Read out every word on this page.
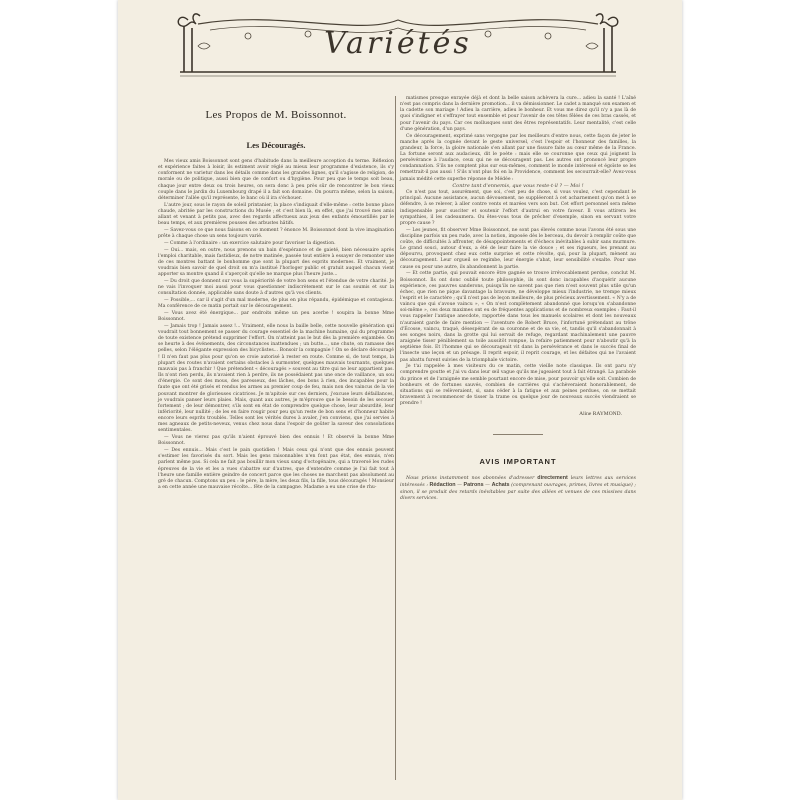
Variétés
Les Propos de M. Boissonnot.
Les Découragés.

Mes vieux amis Boissonnot sont gens d'habitude dans la meilleure acception du terme. Réflexion et expérience faites à loisir, ils estiment avoir réglé au mieux leur programme d'existence, ils s'y conforment ne varietur dans les détails comme dans les grandes lignes, qu'il s'agisse de religion, de morale ou de politique, aussi bien que de confort ou d'hygiène. Pour peu que le temps soit beau, chaque jour entre deux ou trois heures, on sera donc à peu près sûr de rencontrer le bon vieux couple dans le jardin du Luxembourg drapé il a fait son domaine. On pourra même, selon la saison, déterminer l'allée qu'il représente, le banc où il ira s'échouer.

L'autre jour, sous le rayon de soleil printanier, la place s'indiquait d'elle-même : cette bonne place chaude, abritée par les constructions du Musée ; et c'est bien là, en effet, que j'ai trouvé mes amis allant et venant à petits pas, avec des regards affectueux aux jeux des enfants émoustillés par le beau temps, et aux premières pousses des arbustes hâtifs.

— Savez-vous ce que nous faisons en ce moment ? énonce M. Boissonnot dont la vive imagination prête à chaque chose un sens toujours varié.

— Comme à l'ordinaire : un exercice salutaire pour favoriser la digestion.

— Oui... mais, en outre, nous prenons un bain d'espérance et de gaieté, bien nécessaire après l'emploi charitable, mais fastidieux, de notre matinée, passée tout entière à essayer de remonter une de ces montres battant le bonhomme que sont la plupart des esprits modernes. Et vraiment, je voudrais bien savoir de quel droit on m'a institué l'horloger public et gratuit auquel chacun vient apporter sa montre quand il s'aperçoit qu'elle ne marque plus l'heure juste...

— Du droit que donnent sur vous la supériorité de votre bon sens et l'étendue de votre charité. Je ne vais l'invoquer moi aussi pour vous questionner indiscrètement sur le cas soumis et sur la consultation donnée, applicable sans doute à d'autres qu'à vos clients.

— Possible,... car il s'agit d'un mal moderne, de plus en plus répandu, épidémique et contagieux. Ma conférence de ce matin portait sur le découragement.

— Vous avez été énergique... par endroits même un peu acerbe ! soupira la bonne Mme Boissonnot.

— Jamais trop ! Jamais assez !... Vraiment, elle nous la baille belle, cette nouvelle génération qui voudrait tout bonnement se passer du courage essentiel de la machine humaine, qui du programme de toute existence prétend supprimer l'effort. On n'atteint pas le but dès la première enjambée. On se heurte à des événements, des circonstances inattendues ; un butte..., une chute, on ramasse des pelles, selon l'élégante expression des bicyclistes... Bonsoir la compagnie ! On se déclare découragé ! Il n'en faut pas plus pour qu'on se croie autorisé à rester en route. Comme si, de tout temps, la plupart des routes n'avaient certains obstacles à surmonter, quelques mauvais tournants, quelques mauvais pas à franchir ! Que prétendent « découragés » souvent au titre qui ne leur appartient pas. Ils n'ont rien perdu, ils n'avaient rien à perdre, ils ne possédaient pas une once de vaillance, un sou d'énergie. Ce sont des mous, des paresseux, des lâches, des bons à rien, des incapables pour la faute que ont été grisés et rendus les armes au premier coup de feu, mais non des vaincus de la vie pouvant montrer de glorieuses cicatrices. Je m'apitoie sur ces derniers, j'excuse leurs défaillances, je voudrais panser leurs plaies. Mais, quant aux autres, je m'éprouve que le besoin de les secouer fortement ; de leur démontrer, s'ils sont en état de comprendre quelque chose, leur absurdité, leur infériorité, leur nullité ; de les en faire rougir pour peu qu'un reste de bon sens et d'honneur habite encore leurs esprits troublés. Telles sont les vérités dures à avaler, j'en conviens, que j'ai servies à mes agneaux de petits-neveux, venus chez nous dans l'espoir de goûter la saveur des consolations sentimentales.

— Vous ne vierez pas qu'ils n'aient éprouvé bien des ennuis ! Et observé la bonne Mme Boissonnot.

— Des ennuis... Mais c'est le pain quotidien ! Mais ceux qui n'ont que des ennuis peuvent s'estimer les favorisés du sort. Mais les gens raisonnables n'en font pas état, des ennuis, n'en parlent même pas. Si cela ne fait pas bouillir mon vieux sang d'octogénaire, qui a traversé les rudes épreuves de la vie et les a vues s'abattre sur d'autres, que d'entendre comme je l'ai fait tout à l'heure une famille entière geindre de concert parce que les choses ne marchent pas absolument au gré de chacun. Comptons un peu : le père, la mère, les deux fils, la fille, tous découragés ! Monsieur a en cette année une mauvaise récolte... fête de la campagne. Madame a eu une crise de rhu-

matismes presque enrayée déjà et dont la belle saison achèvera la cure... adieu la santé ! L'aîné n'est pas compris dans la dernière promotion... il va démissionner. Le cadet a manqué son examen et la cadette son mariage ! Adieu la carrière, adieu le bonheur. Et vous me direz qu'il n'y a pas là de quoi s'indigner et s'effrayer tout ensemble et pour l'avenir de ces têtes fêlées de ces bras cassés, et pour l'avenir du pays. Car ces mollusques sont des êtres représentatifs. Leur mentalité, c'est celle d'une génération, d'un pays.

Ce découragement, exprimé sans vergogne par les meilleurs d'entre nous, cette façon de jeter le manche après la cognée devant le geste universel, c'est l'espoir et l'honneur des familles, la grandeur, la force, la gloire nationale s'en allant par une fissure faite au cœur même de la France. La fortune seront aux audacieux, dit le poète : mais elle se couronne que ceux qui joignent la persévérance à l'audace, ceux qui ne se découragent pas. Les autres ont prononcé leur propre condamnation. S'ils ne comptent plus sur eux-mêmes, comment le monde intéressé et égoïste se les remettrait-il pas aussi ! S'ils n'ont plus foi en la Providence, comment les secourrait-elle? Avez-vous jamais médité cette superbe réponse de Médée :

Contre tant d'ennemis, que vous reste-t-il ? — Moi !

Ce n'est pas tout, assurément, que soi, c'est peu de chose, si vous voulez, c'est cependant le principal. Aucune assistance, aucun dévouement, ne suppléeront à cet acharnement qu'on met à se défendre, à se relever, à aller contre vents et marées vers son but. Cet effort personnel sera même indispensable pour susciter et soutenir l'effort d'autrui en votre faveur. Il vous attirera les sympathies, il les cadeaumera. Ou êtes-vous tous de prêcher d'exemple, sinon en servant votre propre cause ?

— Les jeunes, fit observer Mme Boissonnot, ne sont pas élevés comme nous l'avons été sous une discipline parfois un peu rude, avec la notion, imposée dès le berceau, du devoir à remplir coûte que coûte, de difficultés à affronter, de désappointements et d'échecs inévitables à subir sans murmure. Le grand souci, autour d'eux, a été de leur faire la vie douce ; et ses rigueurs, les prenant au dépourvu, provoquent chez eux cette surprise et cette révolte, qui, pour la plupart, mènent au découragement. Leur orgueil se regimbe, leur énergie s'abat, leur sensibilité s'exalte. Pour une cause ou pour une autre, ils abandonnent la partie.

— Et cette partie, qui pouvait encore être gagnée se trouve irrévocablement perdue, conclut M. Boissonnot. Ils ont donc oublié toute philosophie, ils sont donc incapables d'acquérir aucune expérience, ces pauvres sanderons, puisqu'ils ne savent pas que rien n'est souvent plus utile qu'un échec, que rien ne pique davantage la bravoure, ne développe mieux l'industrie, ne trempe mieux l'esprit et le caractère ; qu'il n'est pas de leçon meilleure, de plus précieux avertissement. « N'y a de vaincu que qui s'avoue vaincu », « On n'est complètement abandonné que lorsqu'on s'abandonne soi-même », ces deux maximes ont eu de fréquentes applications et de nombreux exemples : Faut-il vous rappeler l'antique anecdote, rapportée dans tous les manuels scolaires et dont les nouveaux n'auraient garde de faire mention — l'aventure de Robert Bruce, l'infortuné prétendant au trône d'Écosse, vaincu, traqué, désespérant de sa couronne et de sa vie, et, tandis qu'il s'abandonnait à ses songes noirs, dans la grotte qui lui servait de refuge, regardant machinalement une pauvre araignée tisser péniblement sa toile aussitôt rompue, la refaire patiemment pour n'aboutir qu'à la septième fois. Et l'homme qui se décourageait vit dans la persévérance et dans le succès final de l'insecte une leçon et un présage. Il reprit espoir, il reprit courage, et les défaites qui ne l'avaient pas abattu furent suivies de la triomphale victoire.

Je t'ai rappelée à mes visiteurs du ce matin, cette vieille note classique. Ils ont paru n'y comprendre goutte et j'ai vu dans leur œil vague qu'ils me jugeaient tout à fait étrangé. La parabole du prince et de l'araignée me semble pourtant encore de mise, pour pouvoir qu'elle soit. Combien de bonheurs et de fortunes sauvés, combien de carrières qui s'achèveraient honorablement, de situations qui se relèveraient, si, sans céder à la fatigue et aux peines perdues, on se mettait bravement à recommencer de tisser la trame ou quelque jour de nouveaux succès viendraient se prendre !

Aline RAYMOND.
AVIS IMPORTANT

Nous prions instamment nos abonnées d'adresser directement leurs lettres aux services intéressés : Rédaction — Patrons — Achats (comprenant ouvrages, primes, livres et musique) ; sinon, il se produit des retards inévitables par suite des allées et venues de ces missives dans divers services.
